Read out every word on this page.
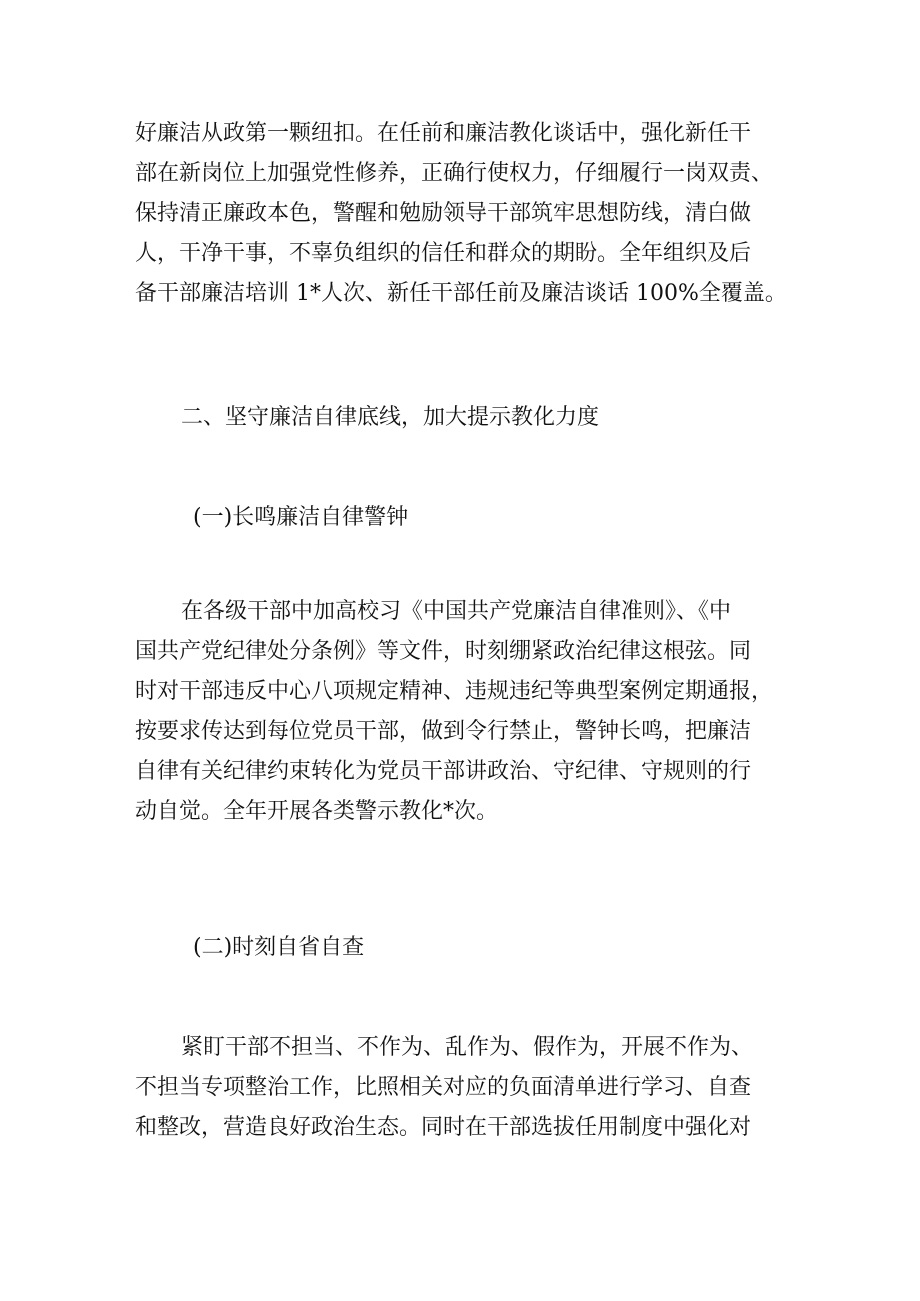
好廉洁从政第一颗纽扣。在任前和廉洁教化谈话中，强化新任干
部在新岗位上加强党性修养，正确行使权力，仔细履行一岗双责、
保持清正廉政本色，警醒和勉励领导干部筑牢思想防线，清白做
人，干净干事，不辜负组织的信任和群众的期盼。全年组织及后
备干部廉洁培训 1*人次、新任干部任前及廉洁谈话 100%全覆盖。
二、坚守廉洁自律底线，加大提示教化力度
(一)长鸣廉洁自律警钟
在各级干部中加高校习《中国共产党廉洁自律准则》、《中
国共产党纪律处分条例》等文件，时刻绷紧政治纪律这根弦。同
时对干部违反中心八项规定精神、违规违纪等典型案例定期通报，
按要求传达到每位党员干部，做到令行禁止，警钟长鸣，把廉洁
自律有关纪律约束转化为党员干部讲政治、守纪律、守规则的行
动自觉。全年开展各类警示教化*次。
(二)时刻自省自查
紧盯干部不担当、不作为、乱作为、假作为，开展不作为、
不担当专项整治工作，比照相关对应的负面清单进行学习、自查
和整改，营造良好政治生态。同时在干部选拔任用制度中强化对
